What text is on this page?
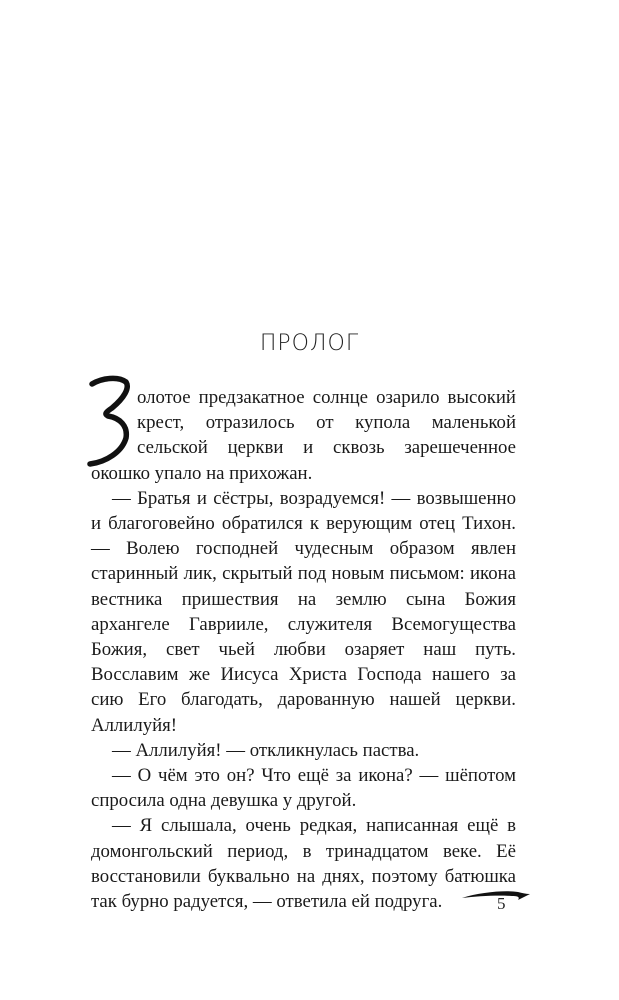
ПРОЛОГ

олотое предзакатное солнце озарило высокий крест, отразилось от купола маленькой сельской церкви и сквозь зарешеченное окошко упало на прихожан.

— Братья и сёстры, возрадуемся! — возвышенно и благоговейно обратился к верующим отец Тихон. — Волею господней чудесным образом явлен старинный лик, скрытый под новым письмом: икона вестника пришествия на землю сына Божия архангеле Гаврииле, служителя Всемогущества Божия, свет чьей любви озаряет наш путь. Восславим же Иисуса Христа Господа нашего за сию Его благодать, дарованную нашей церкви. Аллилуйя!

— Аллилуйя! — откликнулась паства.

— О чём это он? Что ещё за икона? — шёпотом спросила одна девушка у другой.

— Я слышала, очень редкая, написанная ещё в домонгольский период, в тринадцатом веке. Её восстановили буквально на днях, поэтому батюшка так бурно радуется, — ответила ей подруга.	5
